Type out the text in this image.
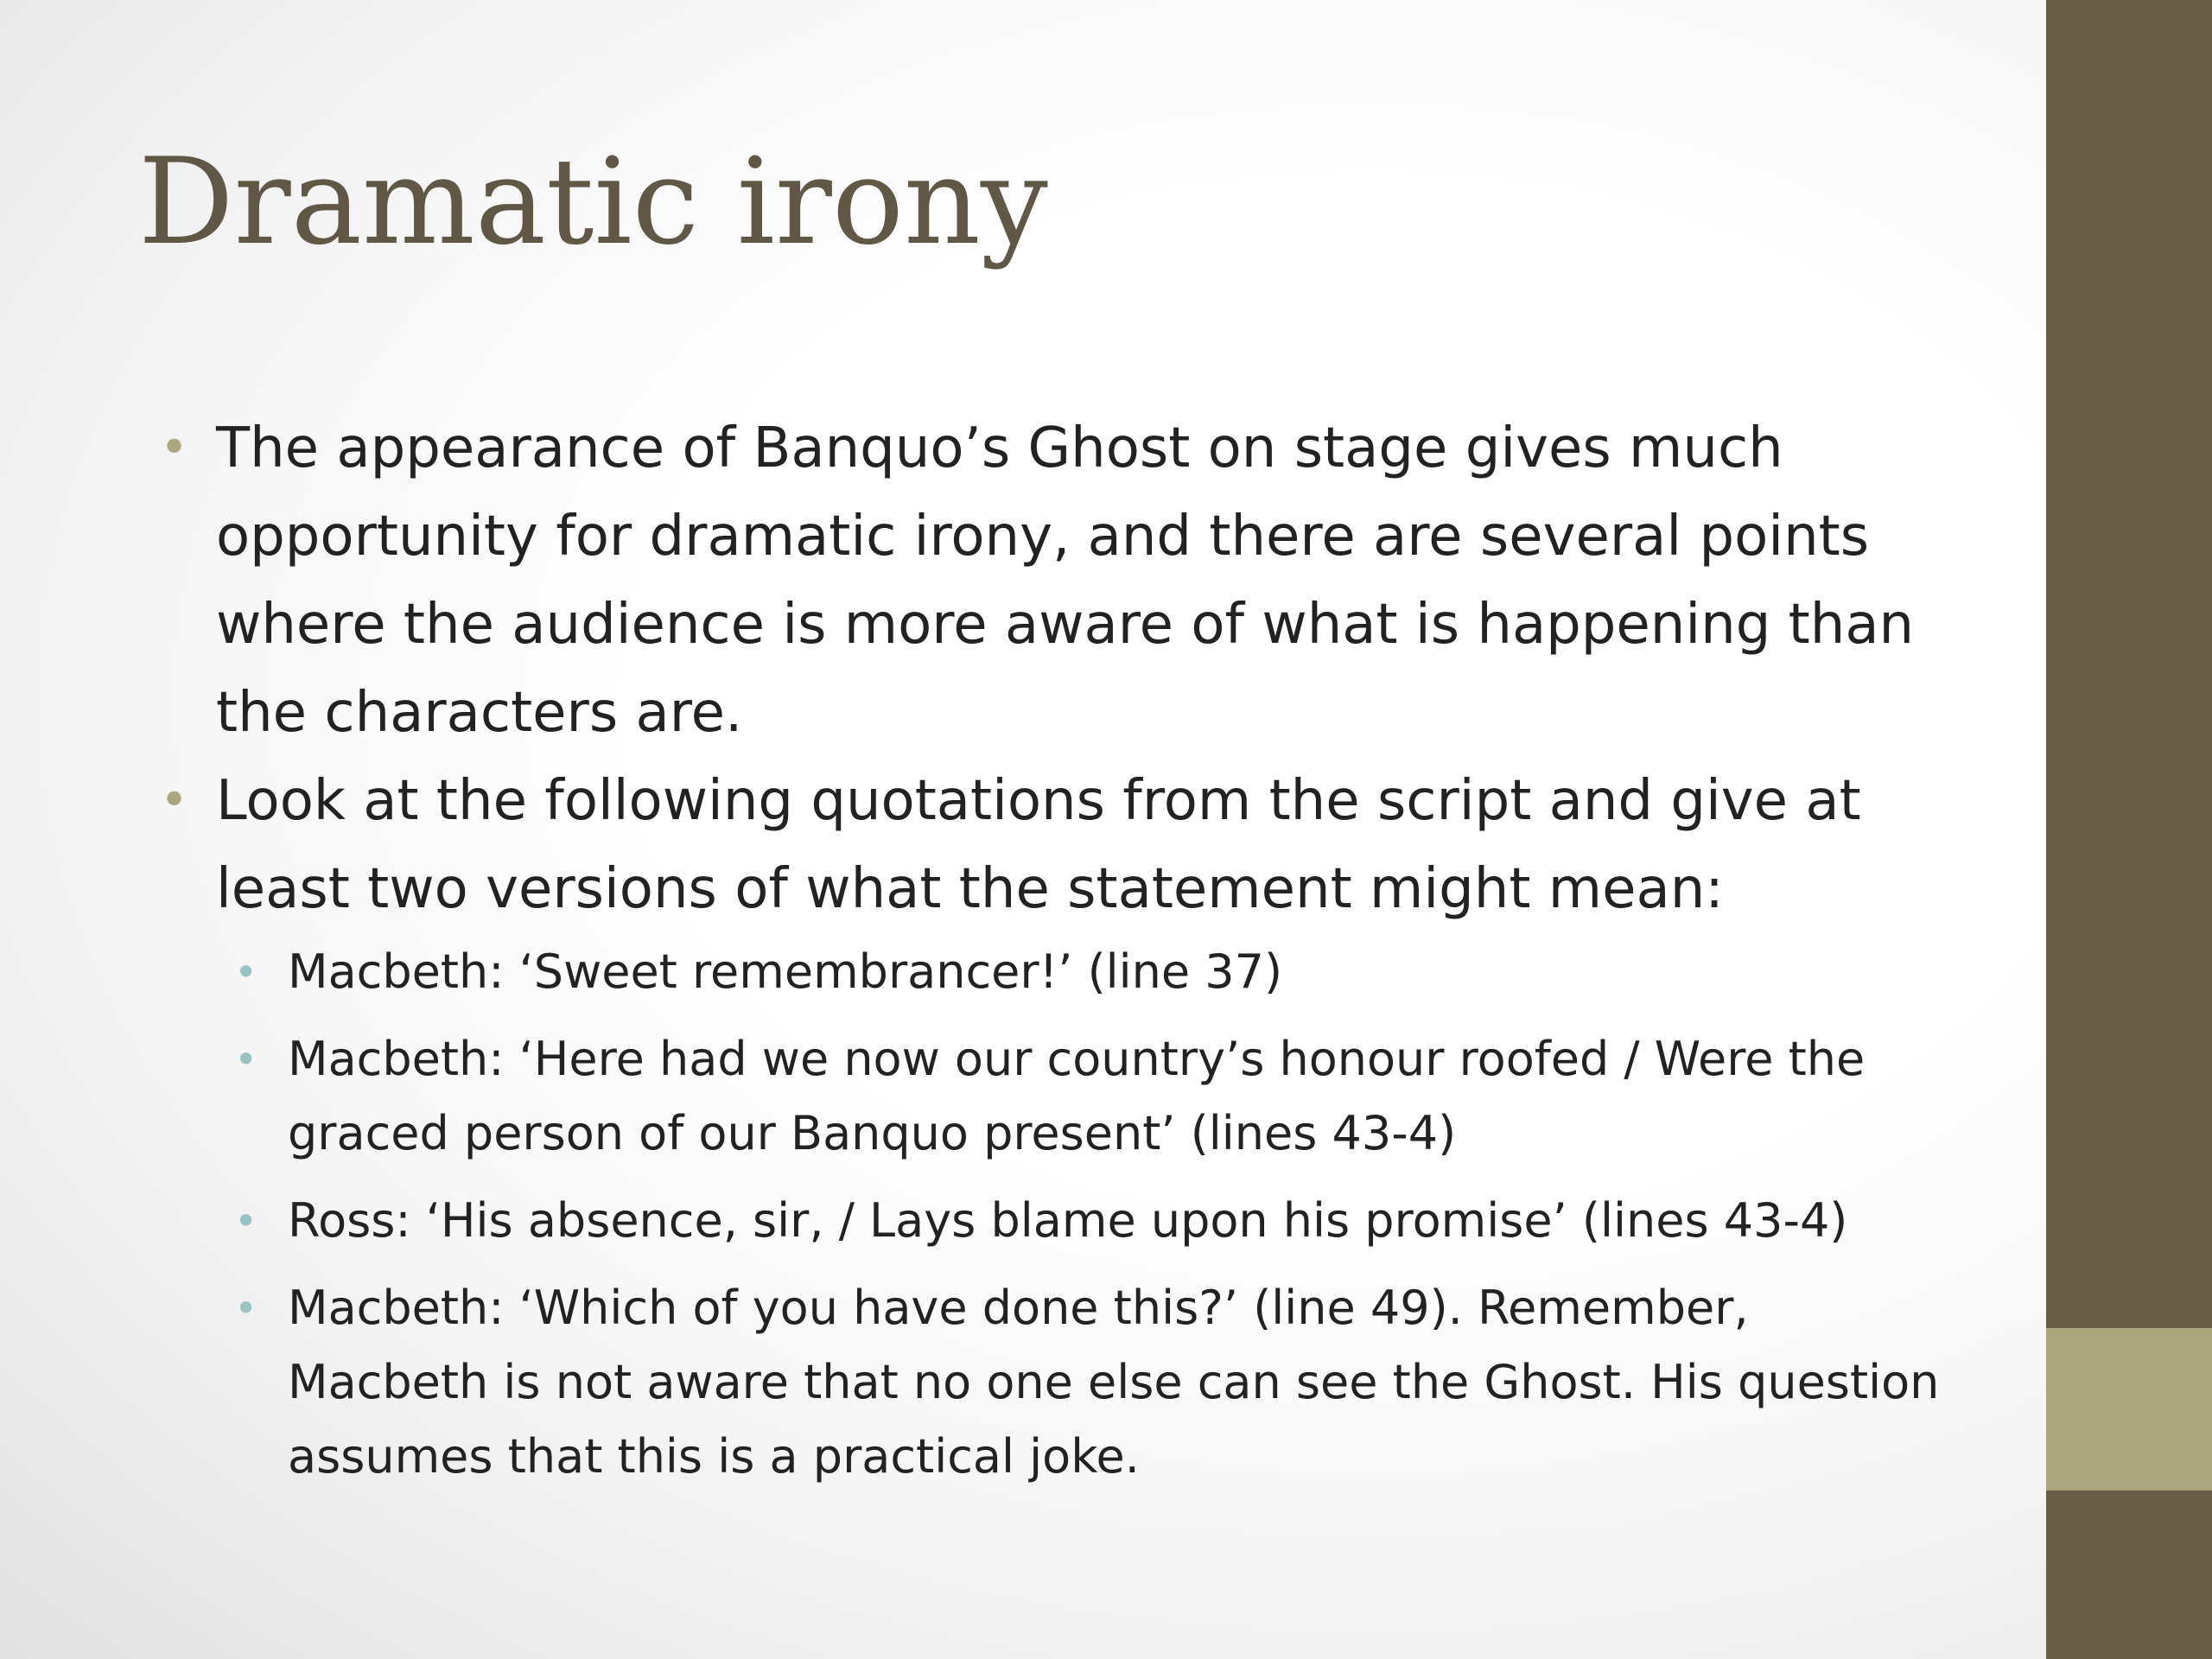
Dramatic irony
• The appearance of Banquo’s Ghost on stage gives much opportunity for dramatic irony, and there are several points where the audience is more aware of what is happening than the characters are.
• Look at the following quotations from the script and give at least two versions of what the statement might mean:
• Macbeth: ‘Sweet remembrancer!’ (line 37)
• Macbeth: ‘Here had we now our country’s honour roofed / Were the graced person of our Banquo present’ (lines 43-4)
• Ross: ‘His absence, sir, / Lays blame upon his promise’ (lines 43-4)
• Macbeth: ‘Which of you have done this?’ (line 49). Remember, Macbeth is not aware that no one else can see the Ghost. His question assumes that this is a practical joke.
